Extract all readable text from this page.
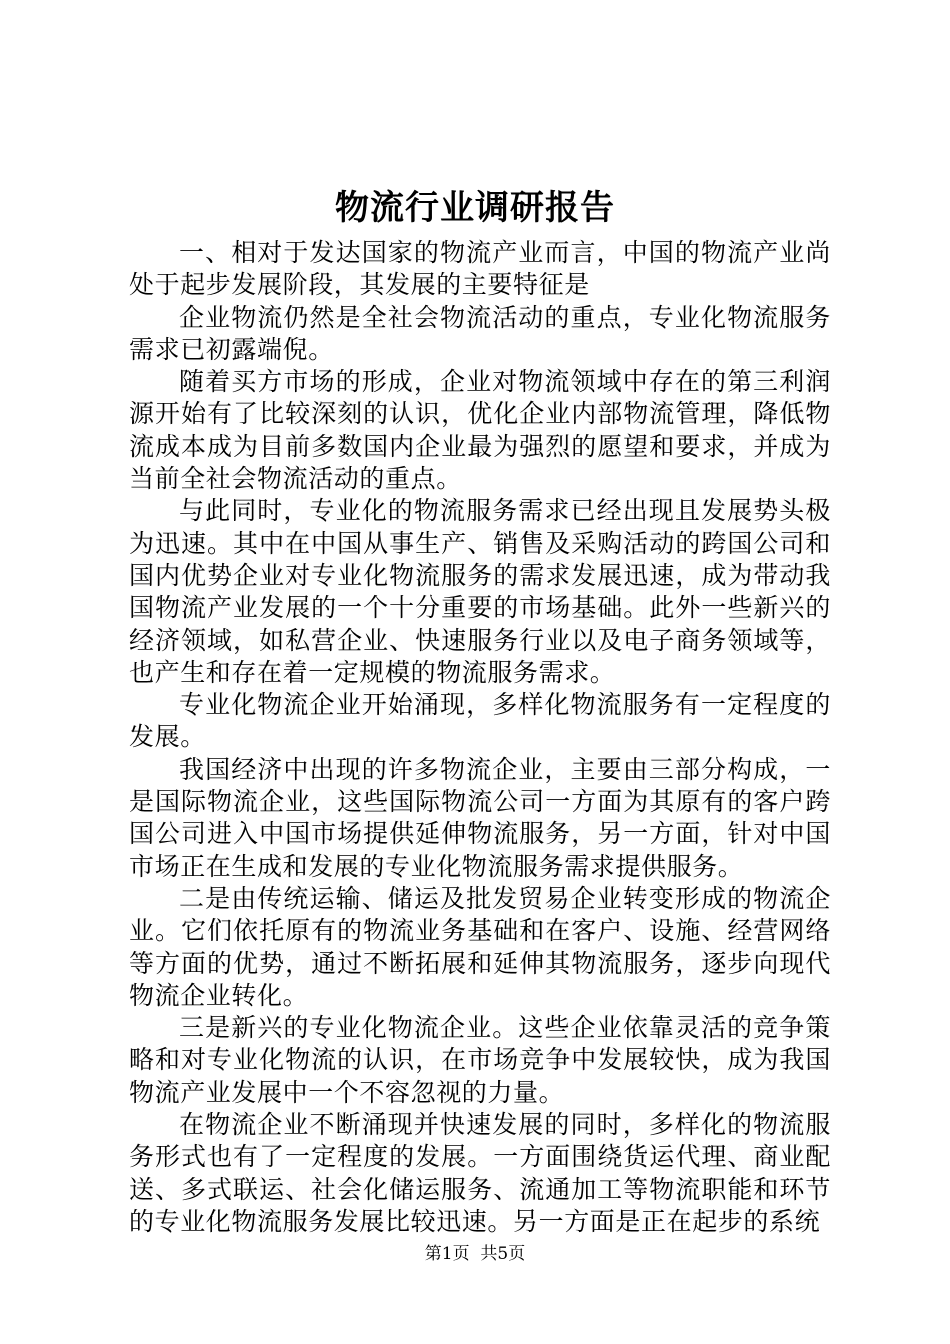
物流行业调研报告

一、相对于发达国家的物流产业而言，中国的物流产业尚处于起步发展阶段，其发展的主要特征是

企业物流仍然是全社会物流活动的重点，专业化物流服务需求已初露端倪。

随着买方市场的形成，企业对物流领域中存在的第三利润源开始有了比较深刻的认识，优化企业内部物流管理，降低物流成本成为目前多数国内企业最为强烈的愿望和要求，并成为当前全社会物流活动的重点。

与此同时，专业化的物流服务需求已经出现且发展势头极为迅速。其中在中国从事生产、销售及采购活动的跨国公司和国内优势企业对专业化物流服务的需求发展迅速，成为带动我国物流产业发展的一个十分重要的市场基础。此外一些新兴的经济领域，如私营企业、快速服务行业以及电子商务领域等，也产生和存在着一定规模的物流服务需求。

专业化物流企业开始涌现，多样化物流服务有一定程度的发展。

我国经济中出现的许多物流企业，主要由三部分构成，一是国际物流企业，这些国际物流公司一方面为其原有的客户跨国公司进入中国市场提供延伸物流服务，另一方面，针对中国市场正在生成和发展的专业化物流服务需求提供服务。

二是由传统运输、储运及批发贸易企业转变形成的物流企业。它们依托原有的物流业务基础和在客户、设施、经营网络等方面的优势，通过不断拓展和延伸其物流服务，逐步向现代物流企业转化。

三是新兴的专业化物流企业。这些企业依靠灵活的竞争策略和对专业化物流的认识，在市场竞争中发展较快，成为我国物流产业发展中一个不容忽视的力量。

在物流企业不断涌现并快速发展的同时，多样化的物流服务形式也有了一定程度的发展。一方面围绕货运代理、商业配送、多式联运、社会化储运服务、流通加工等物流职能和环节的专业化物流服务发展比较迅速。另一方面是正在起步的系统

第1页  共5页
